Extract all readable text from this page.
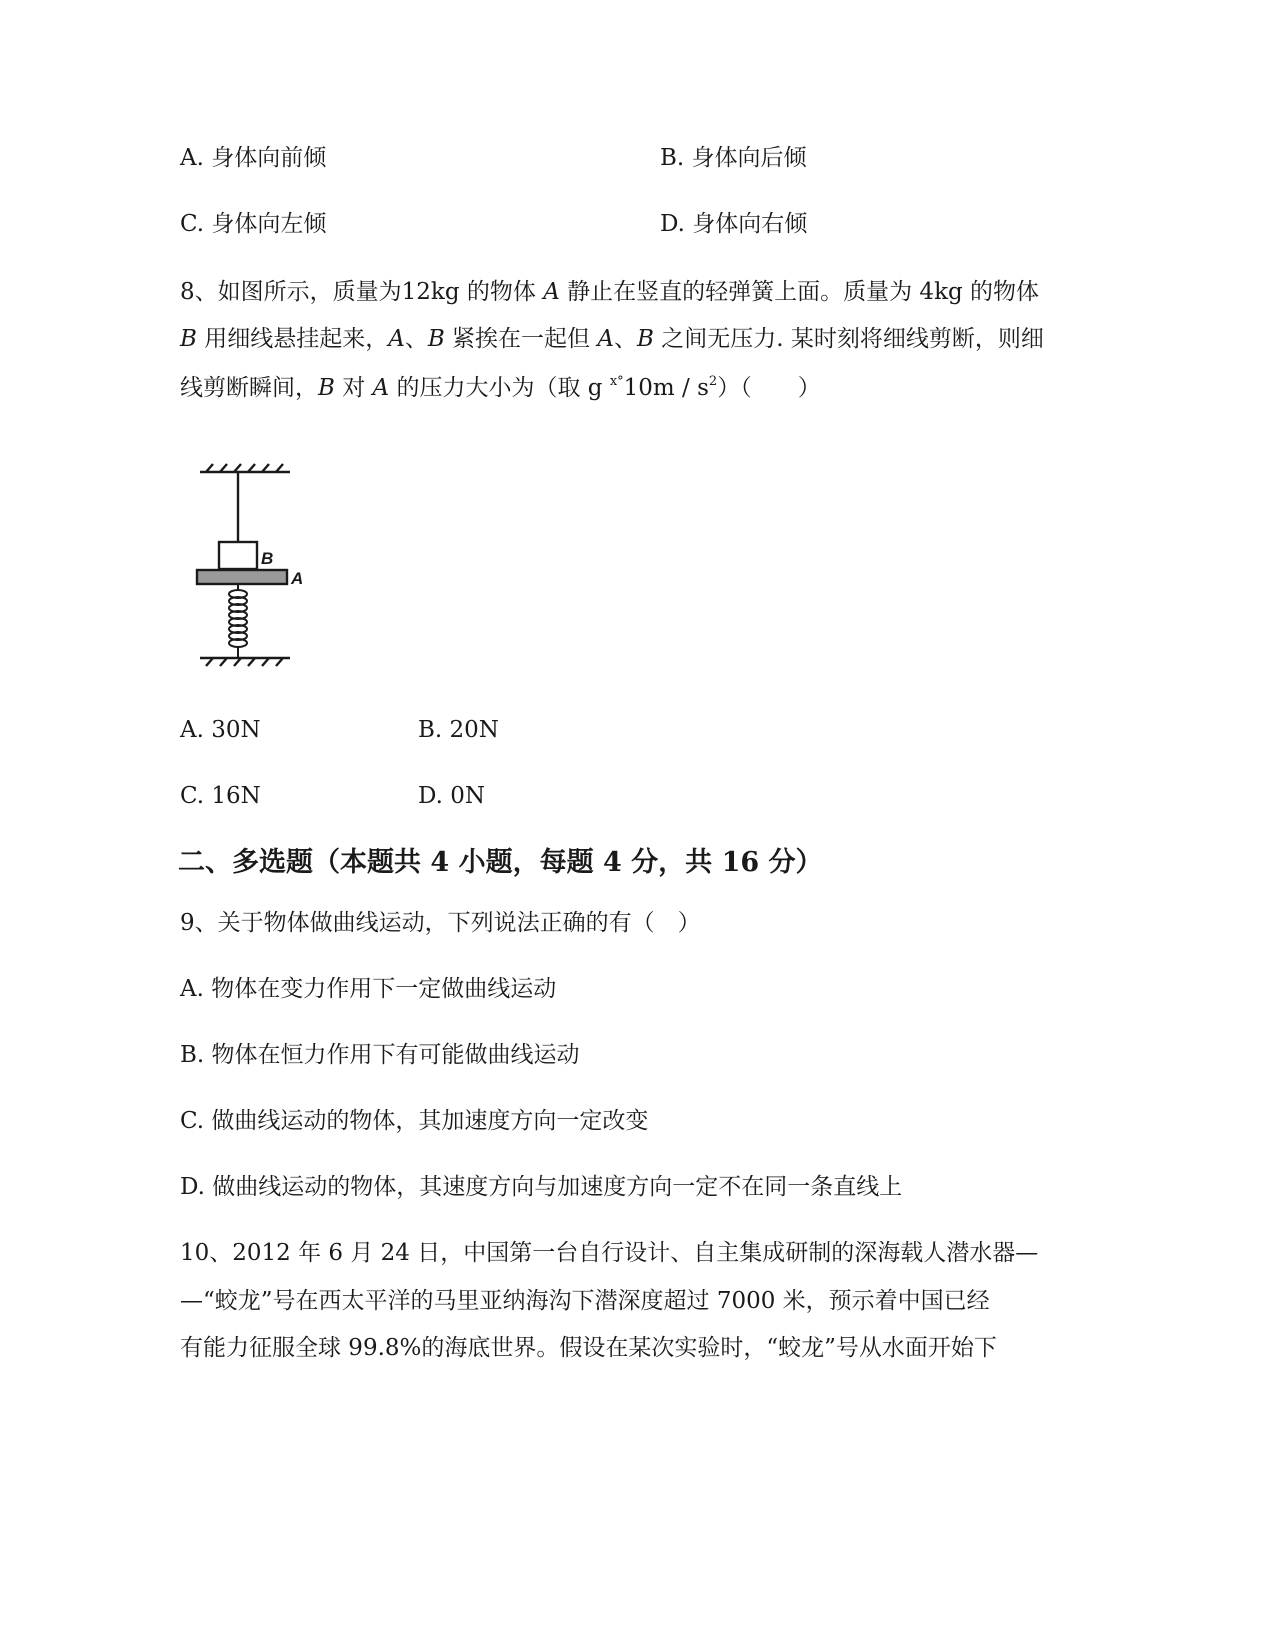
A. 身体向前倾	B. 身体向后倾
C. 身体向左倾	D. 身体向右倾
8、如图所示，质量为12kg 的物体 A 静止在竖直的轻弹簧上面。质量为 4kg 的物体
B 用细线悬挂起来，A、B 紧挨在一起但 A、B 之间无压力. 某时刻将细线剪断，则细
线剪断瞬间，B 对 A 的压力大小为（取 g $^{x^\circ}10m / s^2$）（　　）
B
A
A. 30N	B. 20N
C. 16N	D. 0N
二、多选题（本题共 4 小题，每题 4 分，共 16 分）
9、关于物体做曲线运动，下列说法正确的有（　）
A. 物体在变力作用下一定做曲线运动
B. 物体在恒力作用下有可能做曲线运动
C. 做曲线运动的物体，其加速度方向一定改变
D. 做曲线运动的物体，其速度方向与加速度方向一定不在同一条直线上
10、2012 年 6 月 24 日，中国第一台自行设计、自主集成研制的深海载人潜水器—
—“蛟龙”号在西太平洋的马里亚纳海沟下潜深度超过 7000 米，预示着中国已经
有能力征服全球 99.8%的海底世界。假设在某次实验时，“蛟龙”号从水面开始下
